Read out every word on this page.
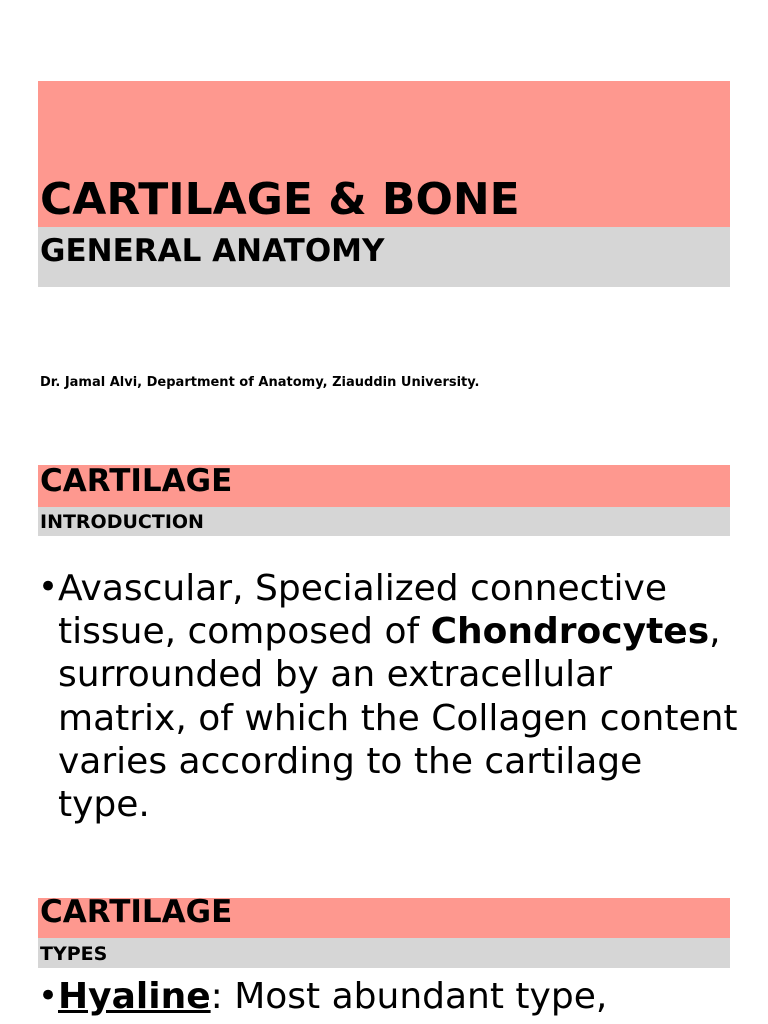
CARTILAGE & BONE
GENERAL ANATOMY
Dr. Jamal Alvi, Department of Anatomy, Ziauddin University.
CARTILAGE
INTRODUCTION
• Avascular, Specialized connective tissue, composed of Chondrocytes, surrounded by an extracellular matrix, of which the Collagen content varies according to the cartilage type.
CARTILAGE
TYPES
• Hyaline: Most abundant type,
